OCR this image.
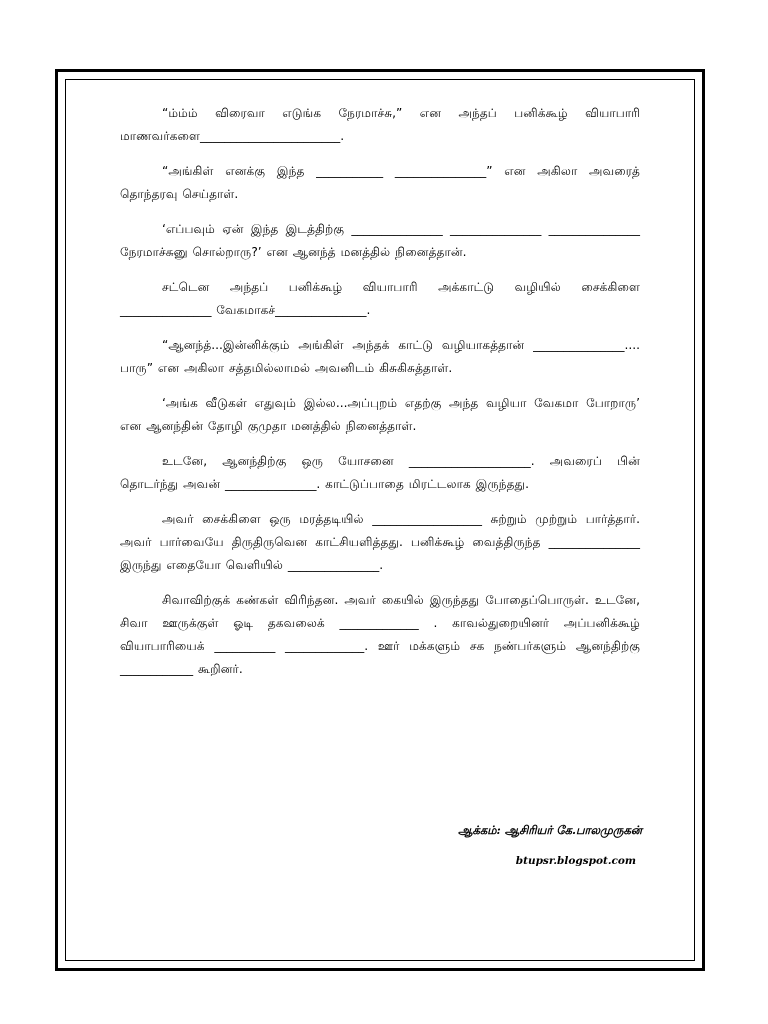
“ம்ம்ம் விரைவா எடுங்க நேரமாச்சு,” என அந்தப் பனிக்கூழ் வியாபாரி மாணவர்களை_______________________.

“அங்கிள் எனக்கு இந்த ___________ _______________” என அகிலா அவரைத் தொந்தரவு செய்தாள்.

‘எப்பவும் ஏன் இந்த இடத்திற்கு _______________ _______________ _______________ நேரமாச்சுனு சொல்றாரு?’ என ஆனந்த் மனத்தில் நினைத்தான்.

சட்டென அந்தப் பனிக்கூழ் வியாபாரி அக்காட்டு வழியில் சைக்கிளை _______________ வேகமாகச்_______________.

“ஆனந்த்...இன்னிக்கும் அங்கிள் அந்தக் காட்டு வழியாகத்தான் _______________.... பாரு” என அகிலா சத்தமில்லாமல் அவனிடம் கிசுகிசுத்தாள்.

‘அங்க வீடுகள் எதுவும் இல்ல...அப்புறம் எதற்கு அந்த வழியா வேகமா போறாரு’ என ஆனந்தின் தோழி குமுதா மனத்தில் நினைத்தாள்.

உடனே, ஆனந்திற்கு ஒரு யோசனை ____________________. அவரைப் பின் தொடர்ந்து அவன் _______________. காட்டுப்பாதை மிரட்டலாக இருந்தது.

அவர் சைக்கிளை ஒரு மரத்தடியில் __________________ சுற்றும் முற்றும் பார்த்தார். அவர் பார்வையே திருதிருவென காட்சியளித்தது. பனிக்கூழ் வைத்திருந்த _______________ இருந்து எதையோ வெளியில் _______________.

சிவாவிற்குக் கண்கள் விரிந்தன. அவர் கையில் இருந்தது போதைப்பொருள். உடனே, சிவா ஊருக்குள் ஓடி தகவலைக் _____________ . காவல்துறையினர் அப்பனிக்கூழ் வியாபாரியைக் __________ _____________. ஊர் மக்களும் சக நண்பர்களும் ஆனந்திற்கு ____________ கூறினர்.

ஆக்கம்: ஆசிரியர் கே.பாலமுருகன்
btupsr.blogspot.com
